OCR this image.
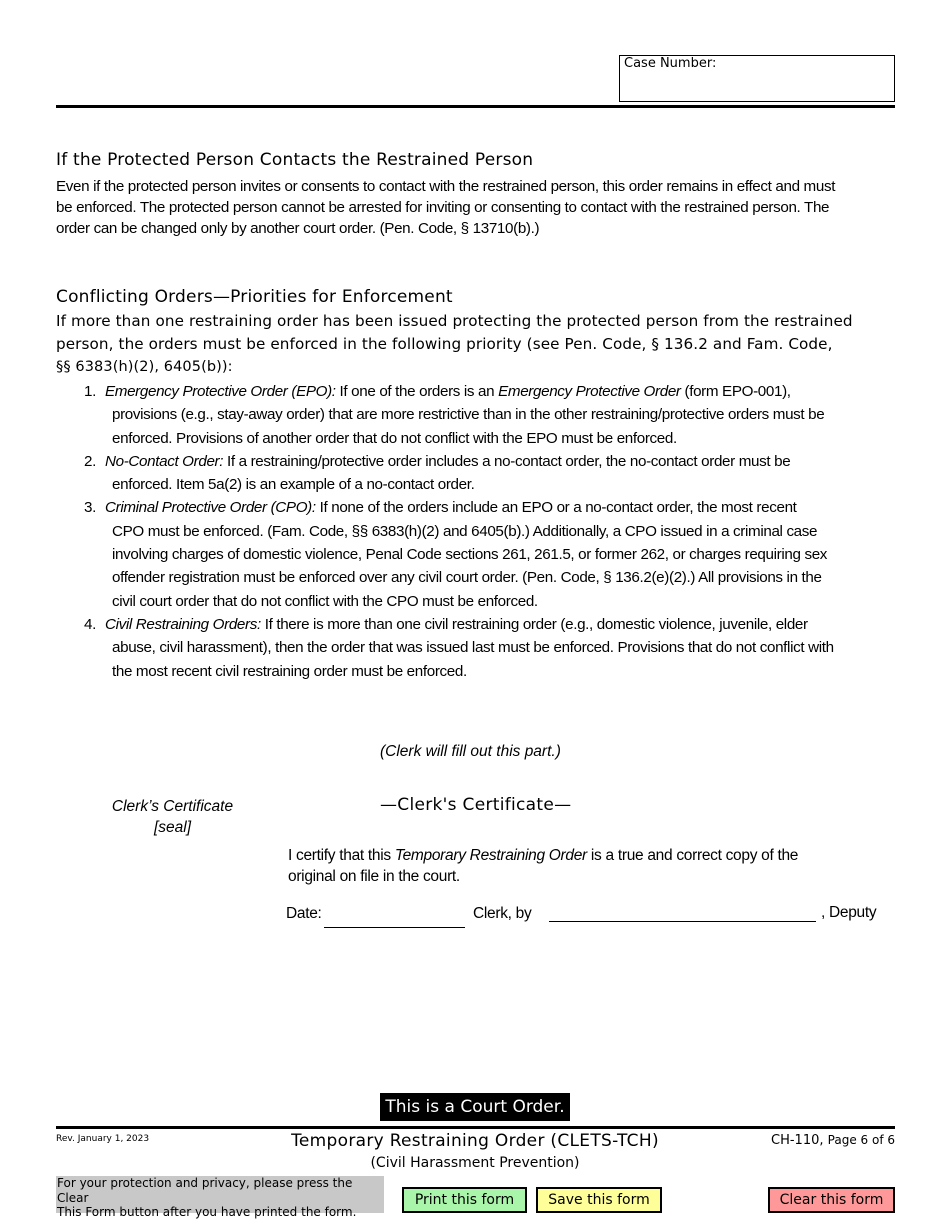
Case Number:
If the Protected Person Contacts the Restrained Person
Even if the protected person invites or consents to contact with the restrained person, this order remains in effect and must
be enforced. The protected person cannot be arrested for inviting or consenting to contact with the restrained person. The
order can be changed only by another court order. (Pen. Code, § 13710(b).)
Conflicting Orders—Priorities for Enforcement
If more than one restraining order has been issued protecting the protected person from the restrained
person, the orders must be enforced in the following priority (see Pen. Code, § 136.2 and Fam. Code,
§§ 6383(h)(2), 6405(b)):
1. Emergency Protective Order (EPO): If one of the orders is an Emergency Protective Order (form EPO-001),
provisions (e.g., stay-away order) that are more restrictive than in the other restraining/protective orders must be
enforced. Provisions of another order that do not conflict with the EPO must be enforced.
2. No-Contact Order: If a restraining/protective order includes a no-contact order, the no-contact order must be
enforced. Item 5a(2) is an example of a no-contact order.
3. Criminal Protective Order (CPO): If none of the orders include an EPO or a no-contact order, the most recent
CPO must be enforced. (Fam. Code, §§ 6383(h)(2) and 6405(b).) Additionally, a CPO issued in a criminal case
involving charges of domestic violence, Penal Code sections 261, 261.5, or former 262, or charges requiring sex
offender registration must be enforced over any civil court order. (Pen. Code, § 136.2(e)(2).) All provisions in the
civil court order that do not conflict with the CPO must be enforced.
4. Civil Restraining Orders: If there is more than one civil restraining order (e.g., domestic violence, juvenile, elder
abuse, civil harassment), then the order that was issued last must be enforced. Provisions that do not conflict with
the most recent civil restraining order must be enforced.
(Clerk will fill out this part.)
Clerk’s Certificate
[seal]
—Clerk's Certificate—
I certify that this Temporary Restraining Order is a true and correct copy of the
original on file in the court.
Date:	Clerk, by	, Deputy
This is a Court Order.
Rev. January 1, 2023	Temporary Restraining Order (CLETS-TCH)
(Civil Harassment Prevention)
CH-110, Page 6 of 6
For your protection and privacy, please press the Clear
This Form button after you have printed the form.
Print this form	Save this form	Clear this form
